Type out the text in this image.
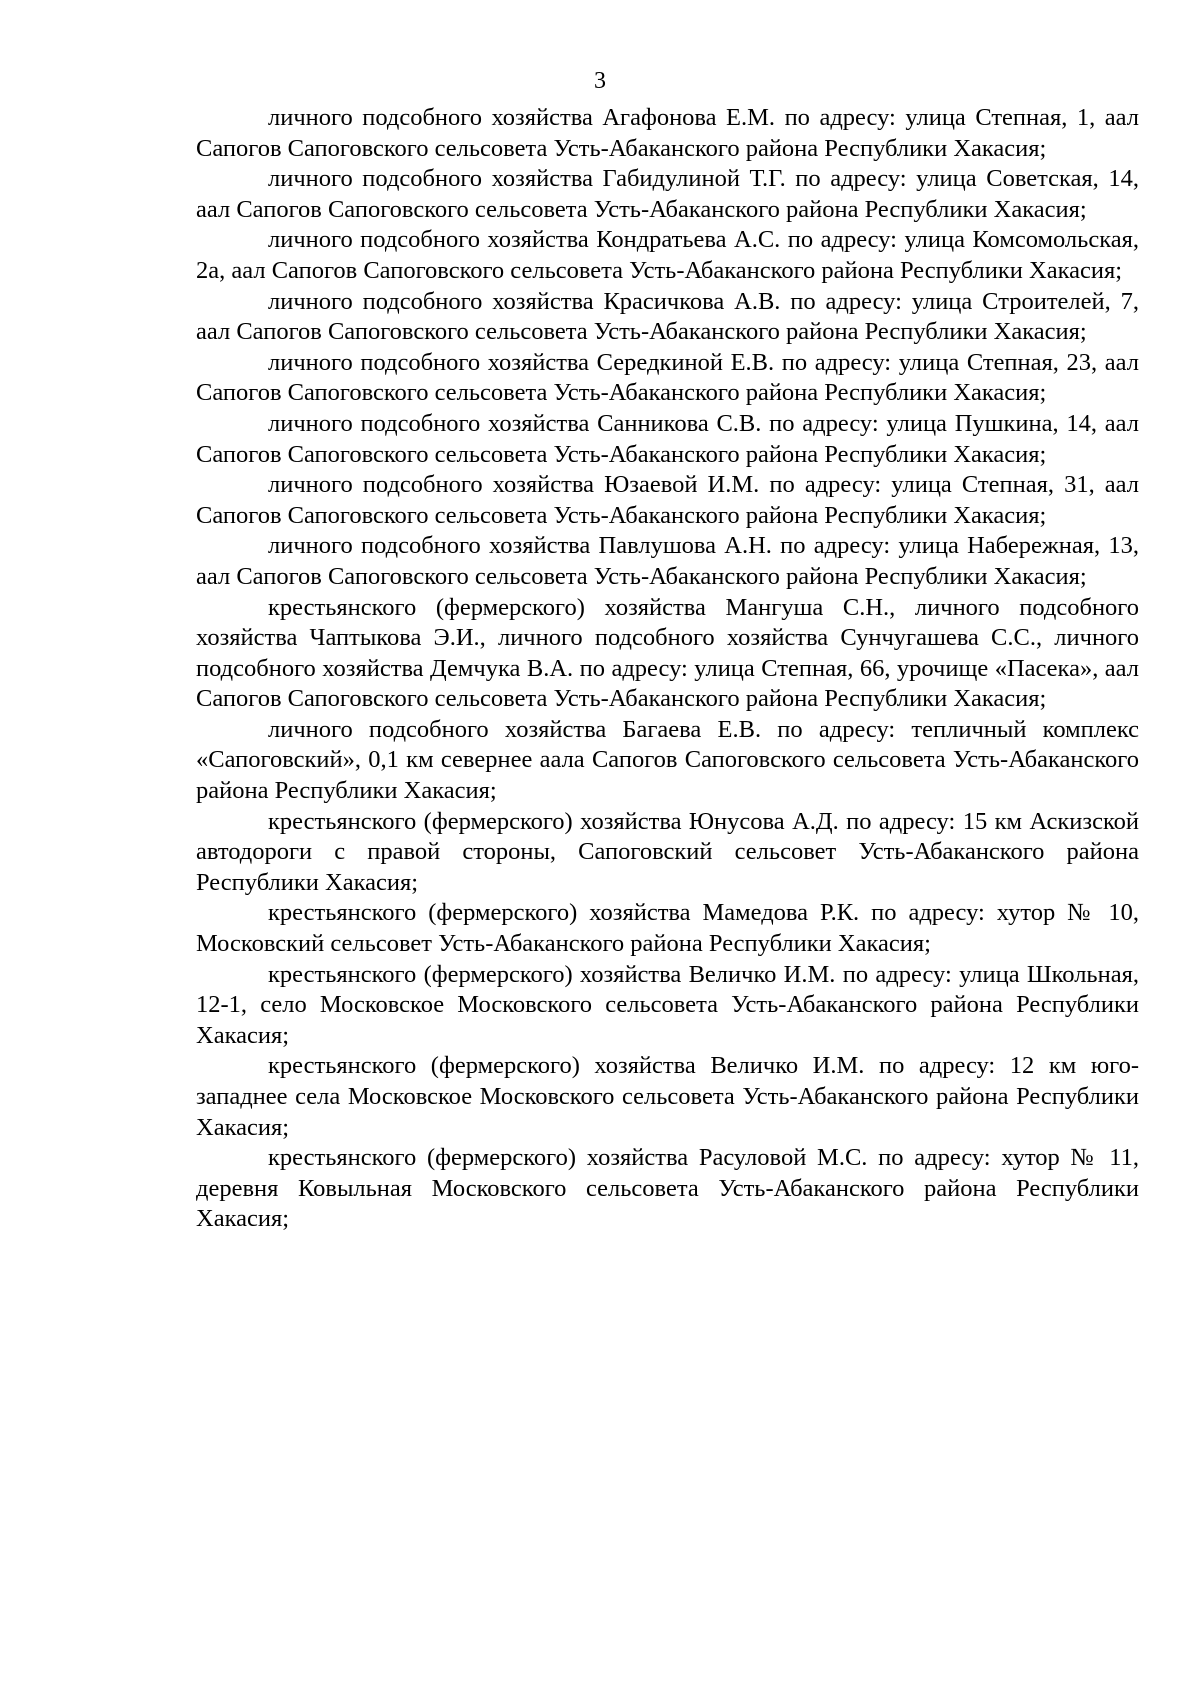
3

личного подсобного хозяйства Агафонова Е.М. по адресу: улица Степная, 1, аал Сапогов Сапоговского сельсовета Усть-Абаканского района Республики Хакасия;

личного подсобного хозяйства Габидулиной Т.Г. по адресу: улица Советская, 14, аал Сапогов Сапоговского сельсовета Усть-Абаканского района Республики Хакасия;

личного подсобного хозяйства Кондратьева А.С. по адресу: улица Комсомольская, 2а, аал Сапогов Сапоговского сельсовета Усть-Абаканского района Республики Хакасия;

личного подсобного хозяйства Красичкова А.В. по адресу: улица Строителей, 7, аал Сапогов Сапоговского сельсовета Усть-Абаканского района Республики Хакасия;

личного подсобного хозяйства Середкиной Е.В. по адресу: улица Степная, 23, аал Сапогов Сапоговского сельсовета Усть-Абаканского района Республики Хакасия;

личного подсобного хозяйства Санникова С.В. по адресу: улица Пушкина, 14, аал Сапогов Сапоговского сельсовета Усть-Абаканского района Республики Хакасия;

личного подсобного хозяйства Юзаевой И.М. по адресу: улица Степная, 31, аал Сапогов Сапоговского сельсовета Усть-Абаканского района Республики Хакасия;

личного подсобного хозяйства Павлушова А.Н. по адресу: улица Набережная, 13, аал Сапогов Сапоговского сельсовета Усть-Абаканского района Республики Хакасия;

крестьянского (фермерского) хозяйства Мангуша С.Н., личного подсобного хозяйства Чаптыкова Э.И., личного подсобного хозяйства Сунчугашева С.С., личного подсобного хозяйства Демчука В.А. по адресу: улица Степная, 66, урочище «Пасека», аал Сапогов Сапоговского сельсовета Усть-Абаканского района Республики Хакасия;

личного подсобного хозяйства Багаева Е.В. по адресу: тепличный комплекс «Сапоговский», 0,1 км севернее аала Сапогов Сапоговского сельсовета Усть-Абаканского района Республики Хакасия;

крестьянского (фермерского) хозяйства Юнусова А.Д. по адресу: 15 км Аскизской автодороги с правой стороны, Сапоговский сельсовет Усть-Абаканского района Республики Хакасия;

крестьянского (фермерского) хозяйства Мамедова Р.К. по адресу: хутор № 10, Московский сельсовет Усть-Абаканского района Республики Хакасия;

крестьянского (фермерского) хозяйства Величко И.М. по адресу: улица Школьная, 12-1, село Московское Московского сельсовета Усть-Абаканского района Республики Хакасия;

крестьянского (фермерского) хозяйства Величко И.М. по адресу: 12 км юго-западнее села Московское Московского сельсовета Усть-Абаканского района Республики Хакасия;

крестьянского (фермерского) хозяйства Расуловой М.С. по адресу: хутор № 11, деревня Ковыльная Московского сельсовета Усть-Абаканского района Республики Хакасия;
